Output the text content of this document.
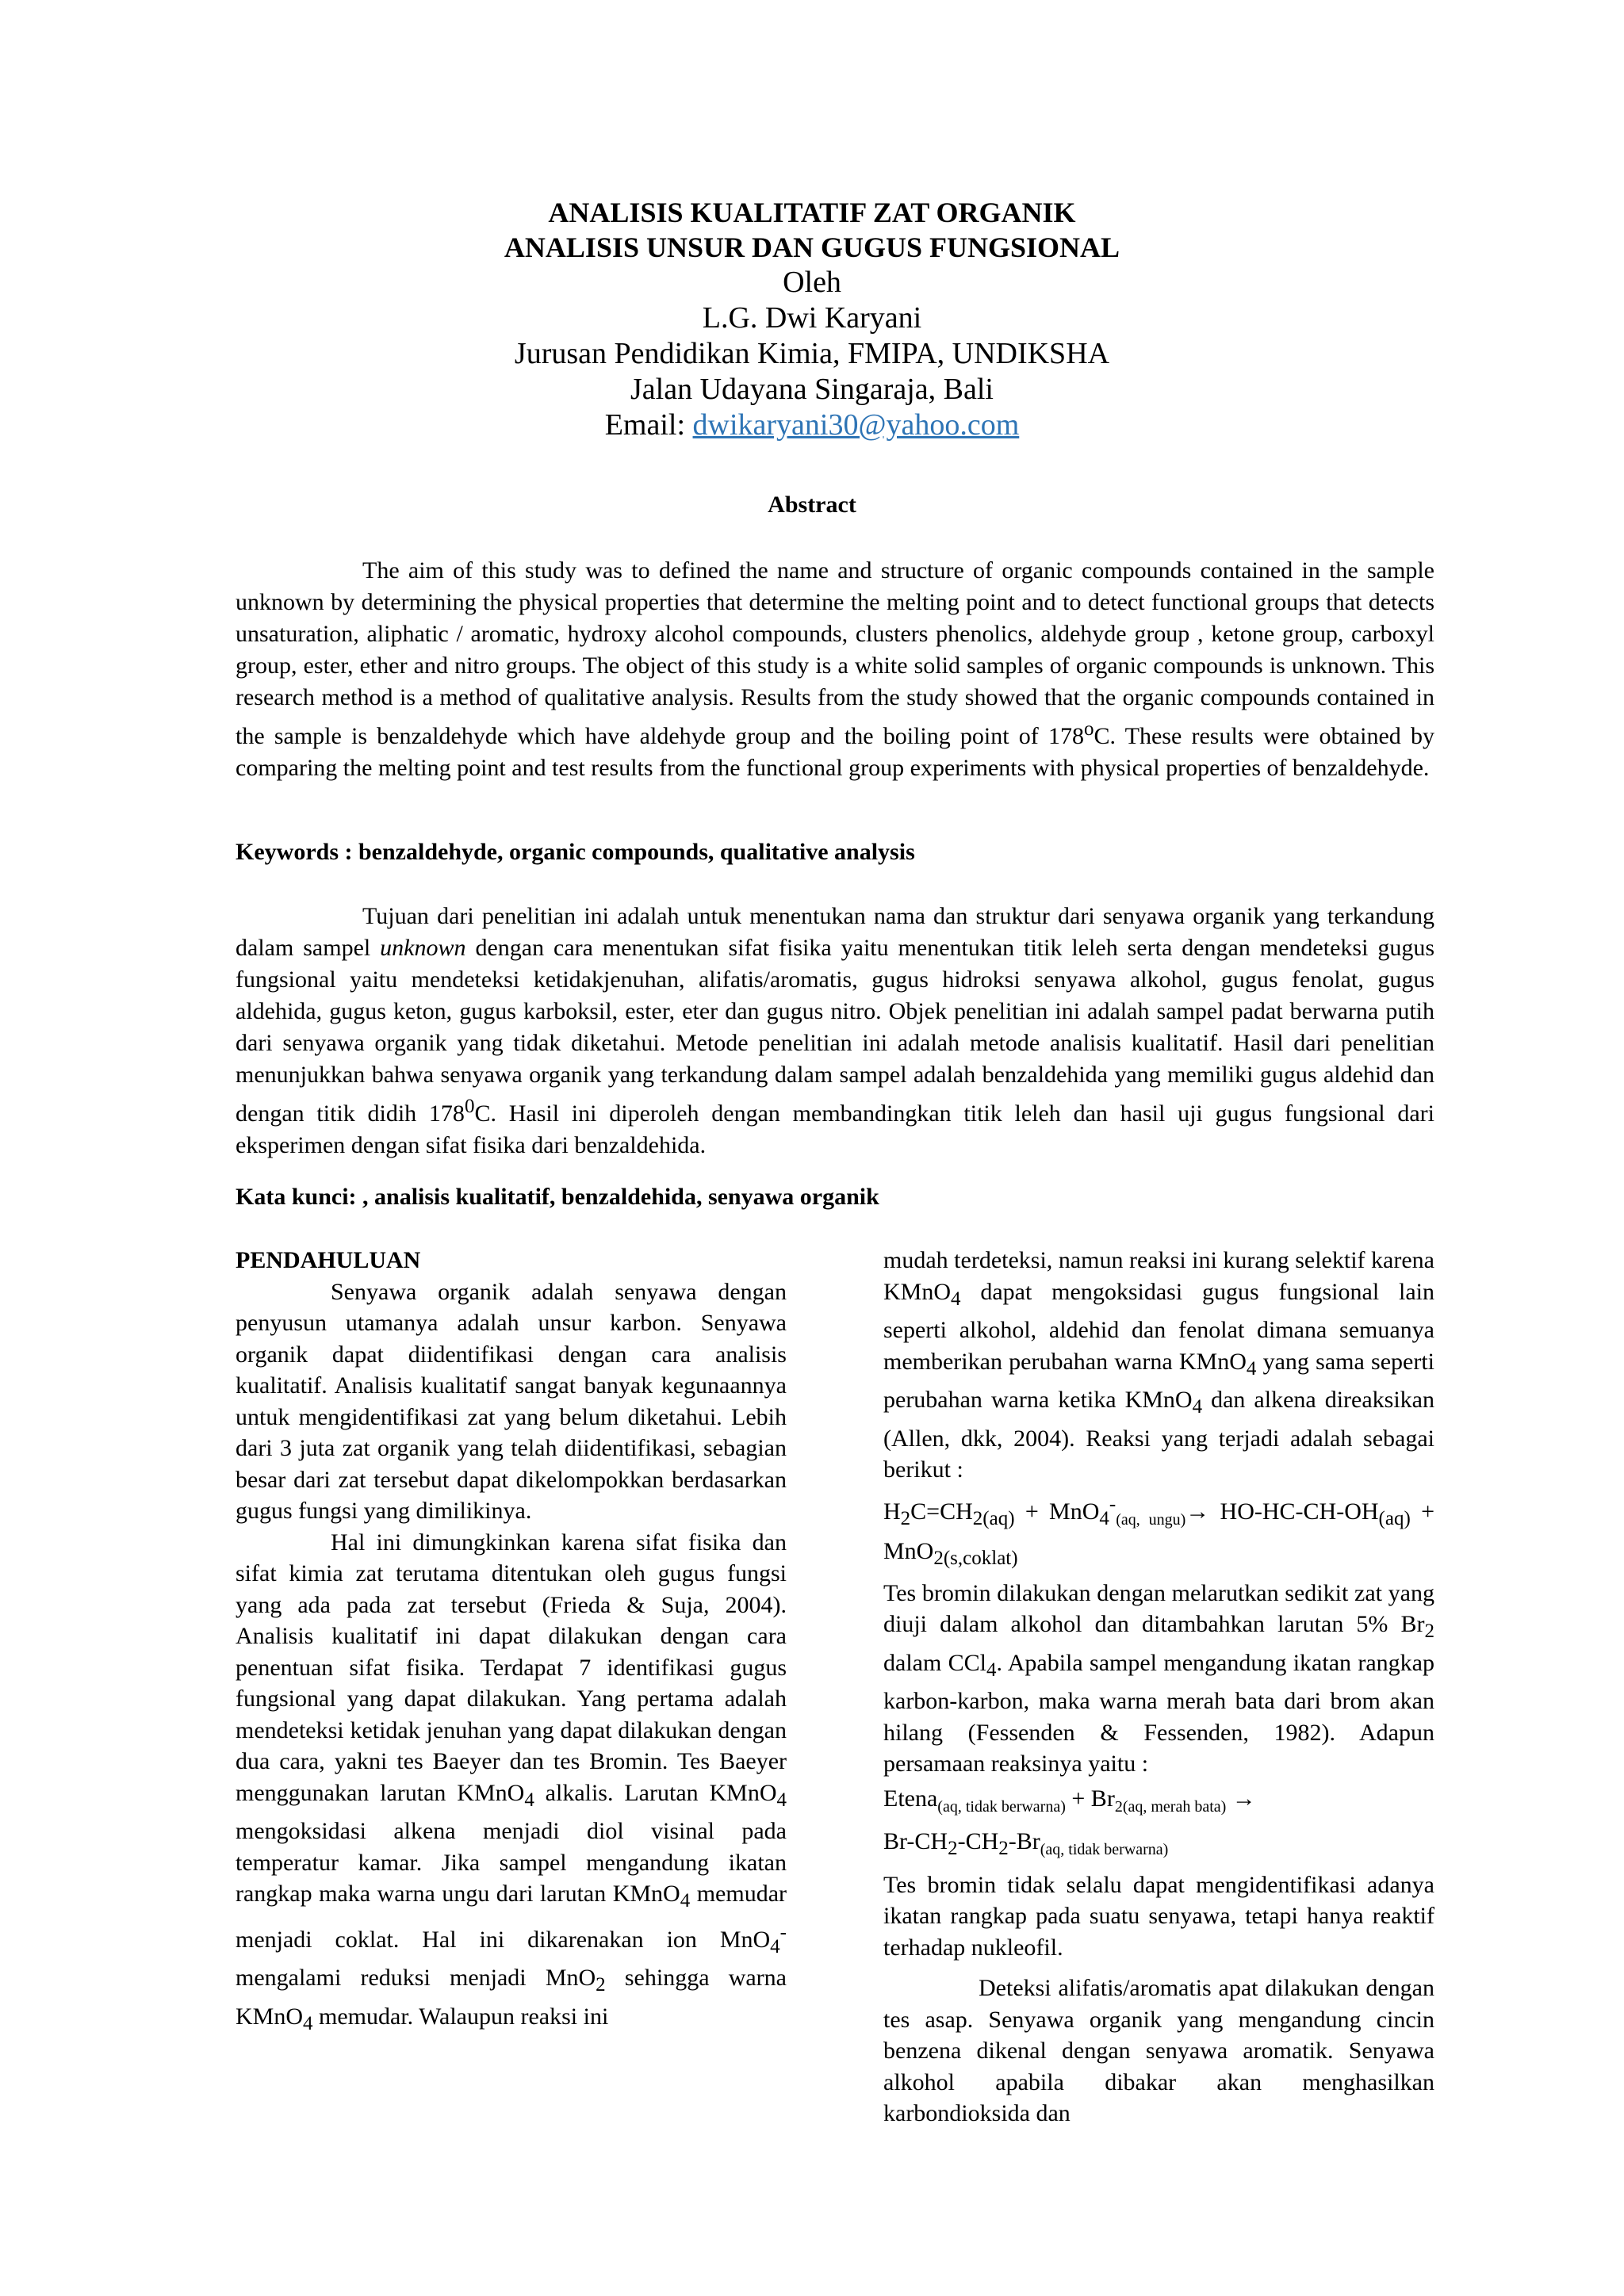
ANALISIS KUALITATIF ZAT ORGANIK
ANALISIS UNSUR DAN GUGUS FUNGSIONAL
Oleh
L.G. Dwi Karyani
Jurusan Pendidikan Kimia, FMIPA, UNDIKSHA
Jalan Udayana Singaraja, Bali
Email: dwikaryani30@yahoo.com
Abstract

The aim of this study was to defined the name and structure of organic compounds contained in the sample unknown by determining the physical properties that determine the melting point and to detect functional groups that detects unsaturation, aliphatic / aromatic, hydroxy alcohol compounds, clusters phenolics, aldehyde group , ketone group, carboxyl group, ester, ether and nitro groups. The object of this study is a white solid samples of organic compounds is unknown. This research method is a method of qualitative analysis. Results from the study showed that the organic compounds contained in the sample is benzaldehyde which have aldehyde group and the boiling point of 178$^o$C. These results were obtained by comparing the melting point and test results from the functional group experiments with physical properties of benzaldehyde.

Keywords : benzaldehyde, organic compounds, qualitative analysis

Tujuan dari penelitian ini adalah untuk menentukan nama dan struktur dari senyawa organik yang terkandung dalam sampel unknown dengan cara menentukan sifat fisika yaitu menentukan titik leleh serta dengan mendeteksi gugus fungsional yaitu mendeteksi ketidakjenuhan, alifatis/aromatis, gugus hidroksi senyawa alkohol, gugus fenolat, gugus aldehida, gugus keton, gugus karboksil, ester, eter dan gugus nitro. Objek penelitian ini adalah sampel padat berwarna putih dari senyawa organik yang tidak diketahui. Metode penelitian ini adalah metode analisis kualitatif. Hasil dari penelitian menunjukkan bahwa senyawa organik yang terkandung dalam sampel adalah benzaldehida yang memiliki gugus aldehid dan dengan titik didih $178^0C$. Hasil ini diperoleh dengan membandingkan titik leleh dan hasil uji gugus fungsional dari eksperimen dengan sifat fisika dari benzaldehida.

Kata kunci: , analisis kualitatif, benzaldehida, senyawa organik
PENDAHULUAN

Senyawa organik adalah senyawa dengan penyusun utamanya adalah unsur karbon. Senyawa organik dapat diidentifikasi dengan cara analisis kualitatif. Analisis kualitatif sangat banyak kegunaannya untuk mengidentifikasi zat yang belum diketahui. Lebih dari 3 juta zat organik yang telah diidentifikasi, sebagian besar dari zat tersebut dapat dikelompokkan berdasarkan gugus fungsi yang dimilikinya.

Hal ini dimungkinkan karena sifat fisika dan sifat kimia zat terutama ditentukan oleh gugus fungsi yang ada pada zat tersebut (Frieda & Suja, 2004). Analisis kualitatif ini dapat dilakukan dengan cara penentuan sifat fisika. Terdapat 7 identifikasi gugus fungsional yang dapat dilakukan. Yang pertama adalah mendeteksi ketidak jenuhan yang dapat dilakukan dengan dua cara, yakni tes Baeyer dan tes Bromin. Tes Baeyer menggunakan larutan KMnO$_4$ alkalis. Larutan KMnO$_4$ mengoksidasi alkena menjadi diol visinal pada temperatur kamar. Jika sampel mengandung ikatan rangkap maka warna ungu dari larutan KMnO$_4$ memudar menjadi coklat. Hal ini dikarenakan ion MnO$_4$- mengalami reduksi menjadi MnO$_2$ sehingga warna KMnO$_4$ memudar. Walaupun reaksi ini

mudah terdeteksi, namun reaksi ini kurang selektif karena KMnO$_4$ dapat mengoksidasi gugus fungsional lain seperti alkohol, aldehid dan fenolat dimana semuanya memberikan perubahan warna KMnO$_4$ yang sama seperti perubahan warna ketika KMnO$_4$ dan alkena direaksikan (Allen, dkk, 2004). Reaksi yang terjadi adalah sebagai berikut :

$H_2C=CH_{2(aq)} + MnO_4^-_{(aq, ungu)}\to HO-HC-CH-OH_{(aq)} + MnO_{2(s,coklat)}$

Tes bromin dilakukan dengan melarutkan sedikit zat yang diuji dalam alkohol dan ditambahkan larutan 5% $Br_2$ dalam CCl$_4$. Apabila sampel mengandung ikatan rangkap karbon-karbon, maka warna merah bata dari brom akan hilang (Fessenden & Fessenden, 1982). Adapun persamaan reaksinya yaitu :

Etena$_{(aq, tidak berwarna)}$ + $Br_{2(aq, merah bata)}$ →

$Br-CH_2-CH_2-Br_{(aq, tidak berwarna)}$

Tes bromin tidak selalu dapat mengidentifikasi adanya ikatan rangkap pada suatu senyawa, tetapi hanya reaktif terhadap nukleofil.

Deteksi alifatis/aromatis apat dilakukan dengan tes asap. Senyawa organik yang mengandung cincin benzena dikenal dengan senyawa aromatik. Senyawa alkohol apabila dibakar akan menghasilkan karbondioksida dan
